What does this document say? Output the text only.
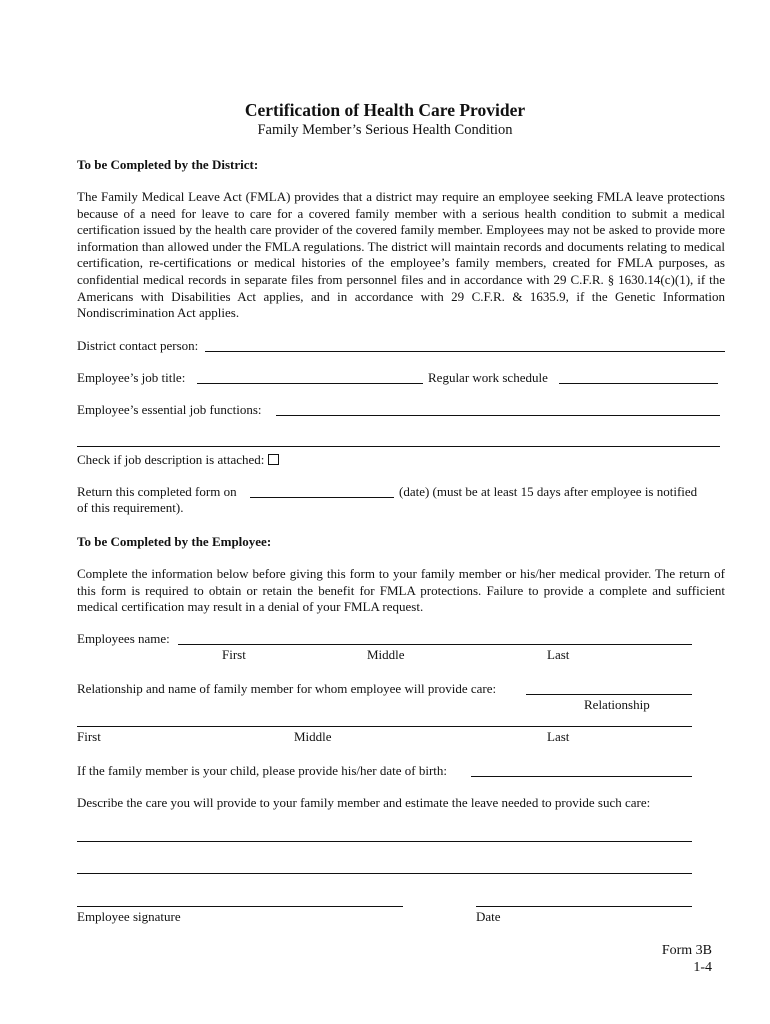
Certification of Health Care Provider
Family Member’s Serious Health Condition
To be Completed by the District:
The Family Medical Leave Act (FMLA) provides that a district may require an employee seeking FMLA leave protections because of a need for leave to care for a covered family member with a serious health condition to submit a medical certification issued by the health care provider of the covered family member. Employees may not be asked to provide more information than allowed under the FMLA regulations. The district will maintain records and documents relating to medical certification, re-certifications or medical histories of the employee’s family members, created for FMLA purposes, as confidential medical records in separate files from personnel files and in accordance with 29 C.F.R. § 1630.14(c)(1), if the Americans with Disabilities Act applies, and in accordance with 29 C.F.R. & 1635.9, if the Genetic Information Nondiscrimination Act applies.
District contact person:
Employee’s job title:	Regular work schedule
Employee’s essential job functions:
Check if job description is attached:
Return this completed form on	(date) (must be at least 15 days after employee is notified
of this requirement).
To be Completed by the Employee:
Complete the information below before giving this form to your family member or his/her medical provider. The return of this form is required to obtain or retain the benefit for FMLA protections. Failure to provide a complete and sufficient medical certification may result in a denial of your FMLA request.
Employees name:
First	Middle	Last
Relationship and name of family member for whom employee will provide care:
Relationship
First	Middle	Last
If the family member is your child, please provide his/her date of birth:
Describe the care you will provide to your family member and estimate the leave needed to provide such care:
Employee signature	Date
Form 3B
1-4
